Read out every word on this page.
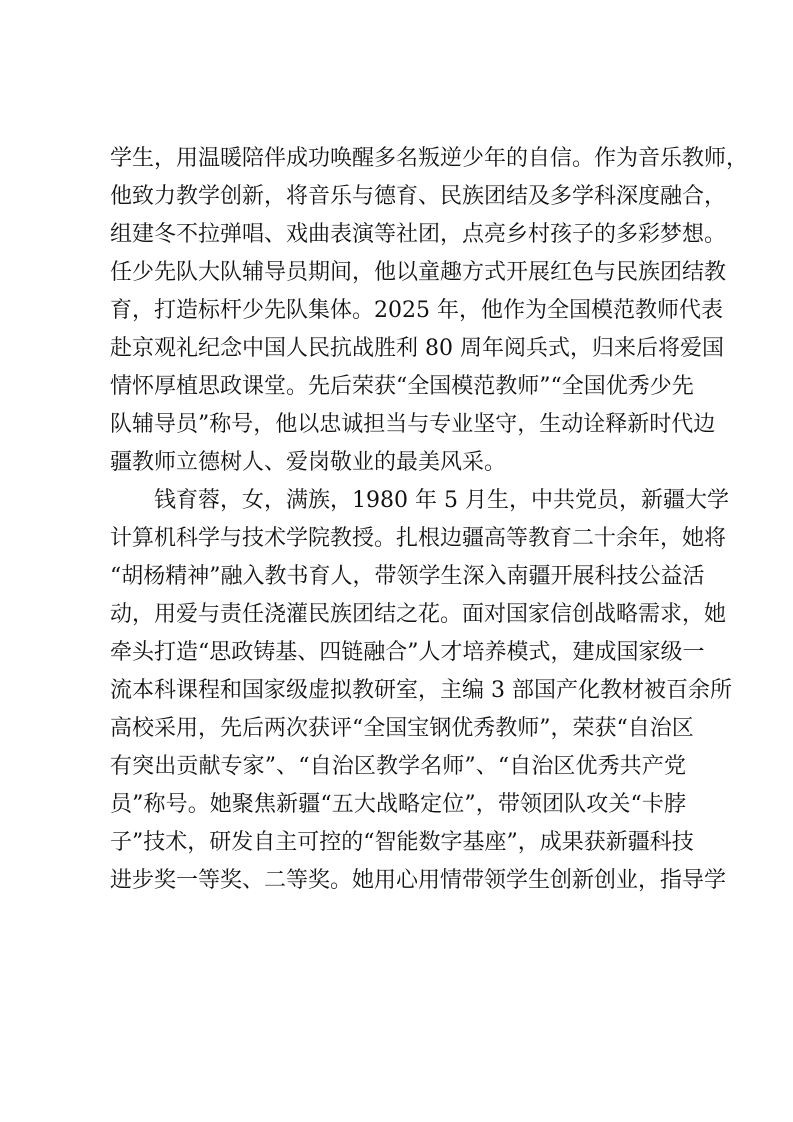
学生，用温暖陪伴成功唤醒多名叛逆少年的自信。作为音乐教师，
他致力教学创新，将音乐与德育、民族团结及多学科深度融合，
组建冬不拉弹唱、戏曲表演等社团，点亮乡村孩子的多彩梦想。
任少先队大队辅导员期间，他以童趣方式开展红色与民族团结教
育，打造标杆少先队集体。2025 年，他作为全国模范教师代表
赴京观礼纪念中国人民抗战胜利 80 周年阅兵式，归来后将爱国
情怀厚植思政课堂。先后荣获“全国模范教师”“全国优秀少先
队辅导员”称号，他以忠诚担当与专业坚守，生动诠释新时代边
疆教师立德树人、爱岗敬业的最美风采。
钱育蓉，女，满族，1980 年 5 月生，中共党员，新疆大学
计算机科学与技术学院教授。扎根边疆高等教育二十余年，她将
“胡杨精神”融入教书育人，带领学生深入南疆开展科技公益活
动，用爱与责任浇灌民族团结之花。面对国家信创战略需求，她
牵头打造“思政铸基、四链融合”人才培养模式，建成国家级一
流本科课程和国家级虚拟教研室，主编 3 部国产化教材被百余所
高校采用，先后两次获评“全国宝钢优秀教师”，荣获“自治区
有突出贡献专家”、“自治区教学名师”、“自治区优秀共产党
员”称号。她聚焦新疆“五大战略定位”，带领团队攻关“卡脖
子”技术，研发自主可控的“智能数字基座”，成果获新疆科技
进步奖一等奖、二等奖。她用心用情带领学生创新创业，指导学
